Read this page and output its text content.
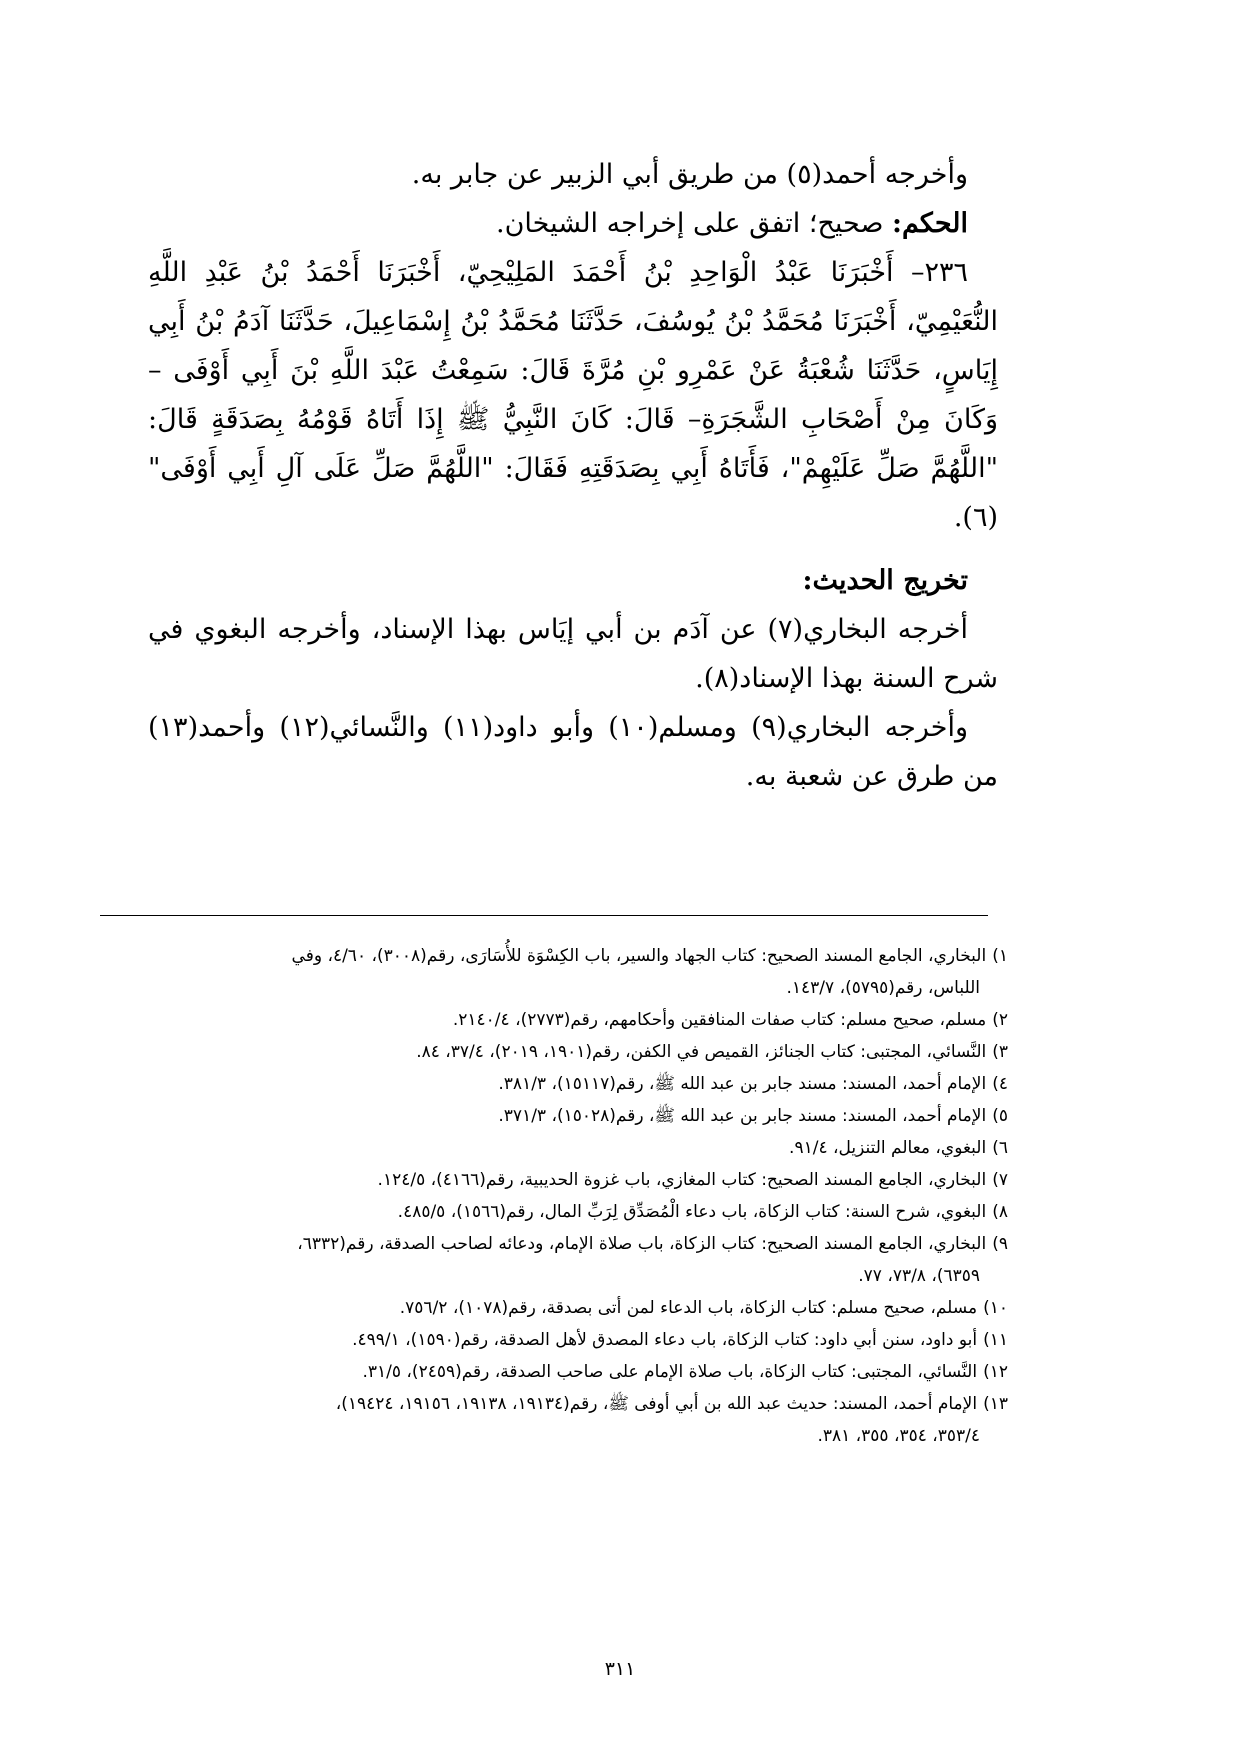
وأخرجه أحمد(٥) من طريق أبي الزبير عن جابر به.

الحكم: صحيح؛ اتفق على إخراجه الشيخان.

٢٣٦– أَخْبَرَنَا عَبْدُ الْوَاحِدِ بْنُ أَحْمَدَ المَلِيْحِيّ، أَخْبَرَنَا أَحْمَدُ بْنُ عَبْدِ اللَّهِ النُّعَيْمِيّ، أَخْبَرَنَا مُحَمَّدُ بْنُ يُوسُفَ، حَدَّثَنَا مُحَمَّدُ بْنُ إِسْمَاعِيلَ، حَدَّثَنَا آدَمُ بْنُ أَبِي إِيَاسٍ، حَدَّثَنَا شُعْبَةُ عَنْ عَمْرِو بْنِ مُرَّةَ قَالَ: سَمِعْتُ عَبْدَ اللَّهِ بْنَ أَبِي أَوْفَى –وَكَانَ مِنْ أَصْحَابِ الشَّجَرَةِ– قَالَ: كَانَ النَّبِيُّ ﷺ إِذَا أَتَاهُ قَوْمُهُ بِصَدَقَةٍ قَالَ: "اللَّهُمَّ صَلِّ عَلَيْهِمْ"، فَأَتَاهُ أَبِي بِصَدَقَتِهِ فَقَالَ: "اللَّهُمَّ صَلِّ عَلَى آلِ أَبِي أَوْفَى"(٦).

تخريج الحديث:

أخرجه البخاري(٧) عن آدَم بن أبي إيَاس بهذا الإسناد، وأخرجه البغوي في شرح السنة بهذا الإسناد(٨).

وأخرجه البخاري(٩) ومسلم(١٠) وأبو داود(١١) والنَّسائي(١٢) وأحمد(١٣) من طرق عن شعبة به.

١)البخاري، الجامع المسند الصحيح: كتاب الجهاد والسير، باب الكِسْوَة للأُسَارَى، رقم(٣٠٠٨)، ٤/٦٠، وفي
اللباس، رقم(٥٧٩٥)، ١٤٣/٧.

٢)مسلم، صحيح مسلم: كتاب صفات المنافقين وأحكامهم، رقم(٢٧٧٣)، ٢١٤٠/٤.

٣)النَّسائي، المجتبى: كتاب الجنائز، القميص في الكفن، رقم(١٩٠١، ٢٠١٩)، ٣٧/٤، ٨٤.

٤)الإمام أحمد، المسند: مسند جابر بن عبد الله ﷺ، رقم(١٥١١٧)، ٣٨١/٣.

٥)الإمام أحمد، المسند: مسند جابر بن عبد الله ﷺ، رقم(١٥٠٢٨)، ٣٧١/٣.

٦)البغوي، معالم التنزيل، ٩١/٤.

٧)البخاري، الجامع المسند الصحيح: كتاب المغازي، باب غزوة الحديبية، رقم(٤١٦٦)، ١٢٤/٥.

٨)البغوي، شرح السنة: كتاب الزكاة، باب دعاء الْمُصَدِّق لِرَبِّ المال، رقم(١٥٦٦)، ٤٨٥/٥.

٩)البخاري، الجامع المسند الصحيح: كتاب الزكاة، باب صلاة الإمام، ودعائه لصاحب الصدقة، رقم(٦٣٣٢،
٦٣٥٩)، ٧٣/٨، ٧٧.

١٠)مسلم، صحيح مسلم: كتاب الزكاة، باب الدعاء لمن أتى بصدقة، رقم(١٠٧٨)، ٧٥٦/٢.

١١)أبو داود، سنن أبي داود: كتاب الزكاة، باب دعاء المصدق لأهل الصدقة، رقم(١٥٩٠)، ٤٩٩/١.

١٢)النَّسائي، المجتبى: كتاب الزكاة، باب صلاة الإمام على صاحب الصدقة، رقم(٢٤٥٩)، ٣١/٥.

١٣)الإمام أحمد، المسند: حديث عبد الله بن أبي أوفى ﷺ، رقم(١٩١٣٤، ١٩١٣٨، ١٩١٥٦، ١٩٤٢٤)،
٣٥٣/٤، ٣٥٤، ٣٥٥، ٣٨١.

٣١١
